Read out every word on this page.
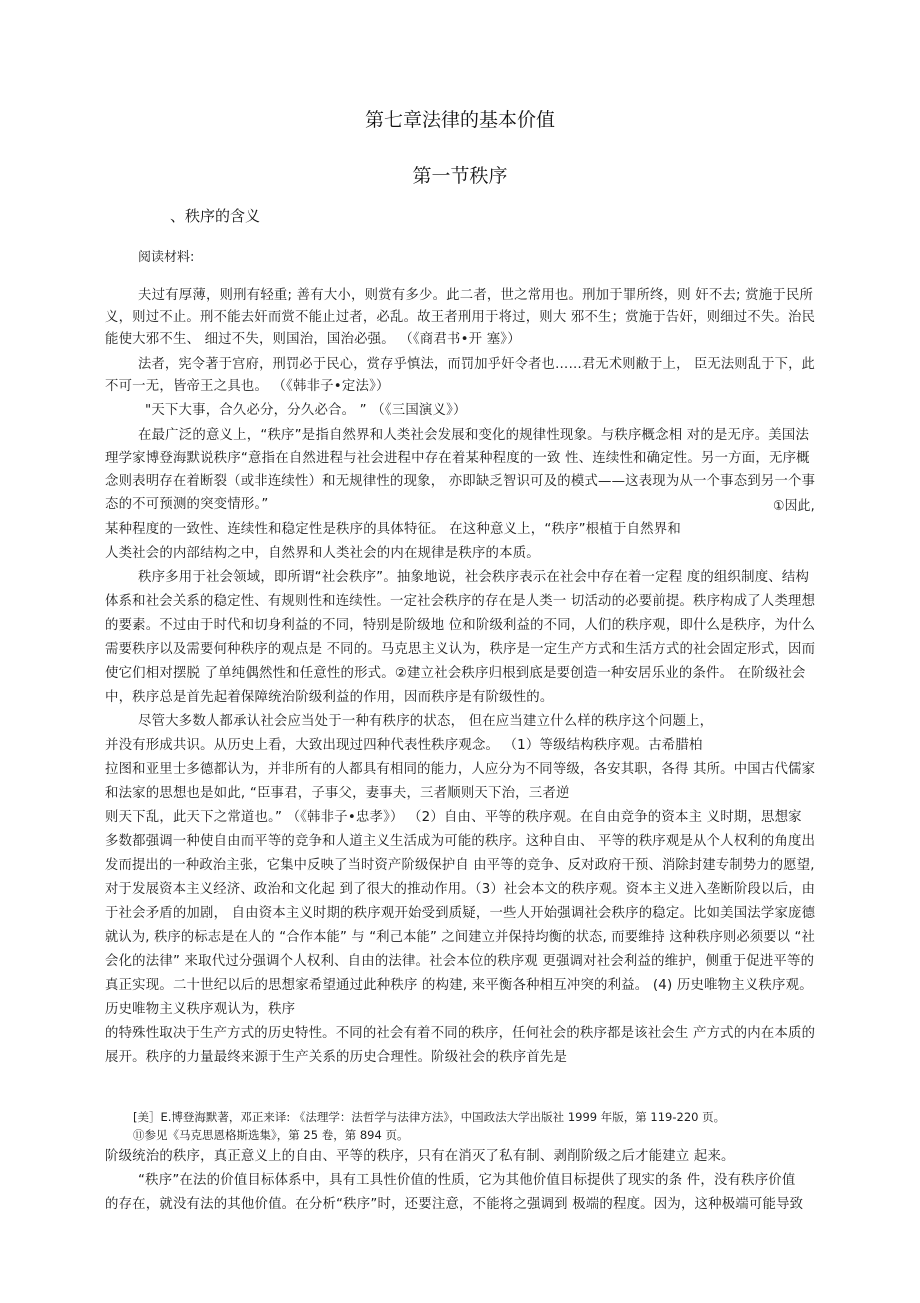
第七章法律的基本价值
第一节秩序
、秩序的含义
阅读材料:
夫过有厚薄，则刑有轻重; 善有大小，则赏有多少。此二者，世之常用也。刑加于罪所终，则 奸不去; 赏施于民所
义，则过不止。刑不能去奸而赏不能止过者，必乱。故王者刑用于将过，则大 邪不生；赏施于告奸，则细过不失。治民
能使大邪不生、 细过不失，则国治，国治必强。 （《商君书•开 塞》）
法者，宪令著于宫府，刑罚必于民心，赏存乎慎法，而罚加乎奸令者也……君无术则敝于上， 臣无法则乱于下，此
不可一无，皆帝王之具也。 （《韩非子•定法》）
"天下大事，合久必分，分久必合。 ” （《三国演义》）
在最广泛的意义上，“秩序”是指自然界和人类社会发展和变化的规律性现象。与秩序概念相 对的是无序。美国法
理学家博登海默说秩序“意指在自然进程与社会进程中存在着某种程度的一致 性、连续性和确定性。另一方面，无序概
念则表明存在着断裂（或非连续性）和无规律性的现象， 亦即缺乏智识可及的模式——这表现为从一个事态到另一个事
态的不可预测的突变情形。”	①因此,
某种程度的一致性、连续性和稳定性是秩序的具体特征。 在这种意义上，“秩序”根植于自然界和
人类社会的内部结构之中，自然界和人类社会的内在规律是秩序的本质。
秩序多用于社会领域，即所谓“社会秩序”。抽象地说，社会秩序表示在社会中存在着一定程 度的组织制度、结构
体系和社会关系的稳定性、有规则性和连续性。一定社会秩序的存在是人类一 切活动的必要前提。秩序构成了人类理想
的要素。不过由于时代和切身利益的不同，特别是阶级地 位和阶级利益的不同，人们的秩序观，即什么是秩序，为什么
需要秩序以及需要何种秩序的观点是 不同的。马克思主义认为，秩序是一定生产方式和生活方式的社会固定形式，因而
使它们相对摆脱 了单纯偶然性和任意性的形式。②建立社会秩序归根到底是要创造一种安居乐业的条件。 在阶级社会
中，秩序总是首先起着保障统治阶级利益的作用，因而秩序是有阶级性的。
尽管大多数人都承认社会应当处于一种有秩序的状态， 但在应当建立什么样的秩序这个问题上，
并没有形成共识。从历史上看，大致出现过四种代表性秩序观念。 （1）等级结构秩序观。古希腊柏
拉图和亚里士多德都认为，并非所有的人都具有相同的能力，人应分为不同等级，各安其职，各得 其所。中国古代儒家
和法家的思想也是如此, “臣事君，子事父，妻事夫，三者顺则天下治，三者逆
则天下乱，此天下之常道也。” （《韩非子•忠孝》） （2）自由、平等的秩序观。在自由竞争的资本主 义时期，思想家
多数都强调一种使自由而平等的竞争和人道主义生活成为可能的秩序。这种自由、 平等的秩序观是从个人权利的角度出
发而提出的一种政治主张，它集中反映了当时资产阶级保护自 由平等的竞争、反对政府干预、消除封建专制势力的愿望,
对于发展资本主义经济、政治和文化起 到了很大的推动作用。（3）社会本文的秩序观。资本主义进入垄断阶段以后，由
于社会矛盾的加剧， 自由资本主义时期的秩序观开始受到质疑，一些人开始强调社会秩序的稳定。比如美国法学家庞德
就认为, 秩序的标志是在人的 “合作本能” 与 “利己本能” 之间建立并保持均衡的状态, 而要维持 这种秩序则必须要以 “社
会化的法律” 来取代过分强调个人权利、自由的法律。社会本位的秩序观 更强调对社会利益的维护，侧重于促进平等的
真正实现。二十世纪以后的思想家希望通过此种秩序 的构建, 来平衡各种相互冲突的利益。 (4) 历史唯物主义秩序观。
历史唯物主义秩序观认为，秩序
的特殊性取决于生产方式的历史特性。不同的社会有着不同的秩序，任何社会的秩序都是该社会生 产方式的内在本质的
展开。秩序的力量最终来源于生产关系的历史合理性。阶级社会的秩序首先是
[美］E.博登海默著，邓正来译: 《法理学：法哲学与法律方法》，中国政法大学出版社 1999 年版，第 119-220 页。
⑪参见《马克思恩格斯选集》，第 25 卷，第 894 页。
阶级统治的秩序，真正意义上的自由、平等的秩序，只有在消灭了私有制、剥削阶级之后才能建立 起来。
“秩序”在法的价值目标体系中，具有工具性价值的性质，它为其他价值目标提供了现实的条 件，没有秩序价值
的存在，就没有法的其他价值。在分析“秩序”时，还要注意，不能将之强调到 极端的程度。因为，这种极端可能导致
